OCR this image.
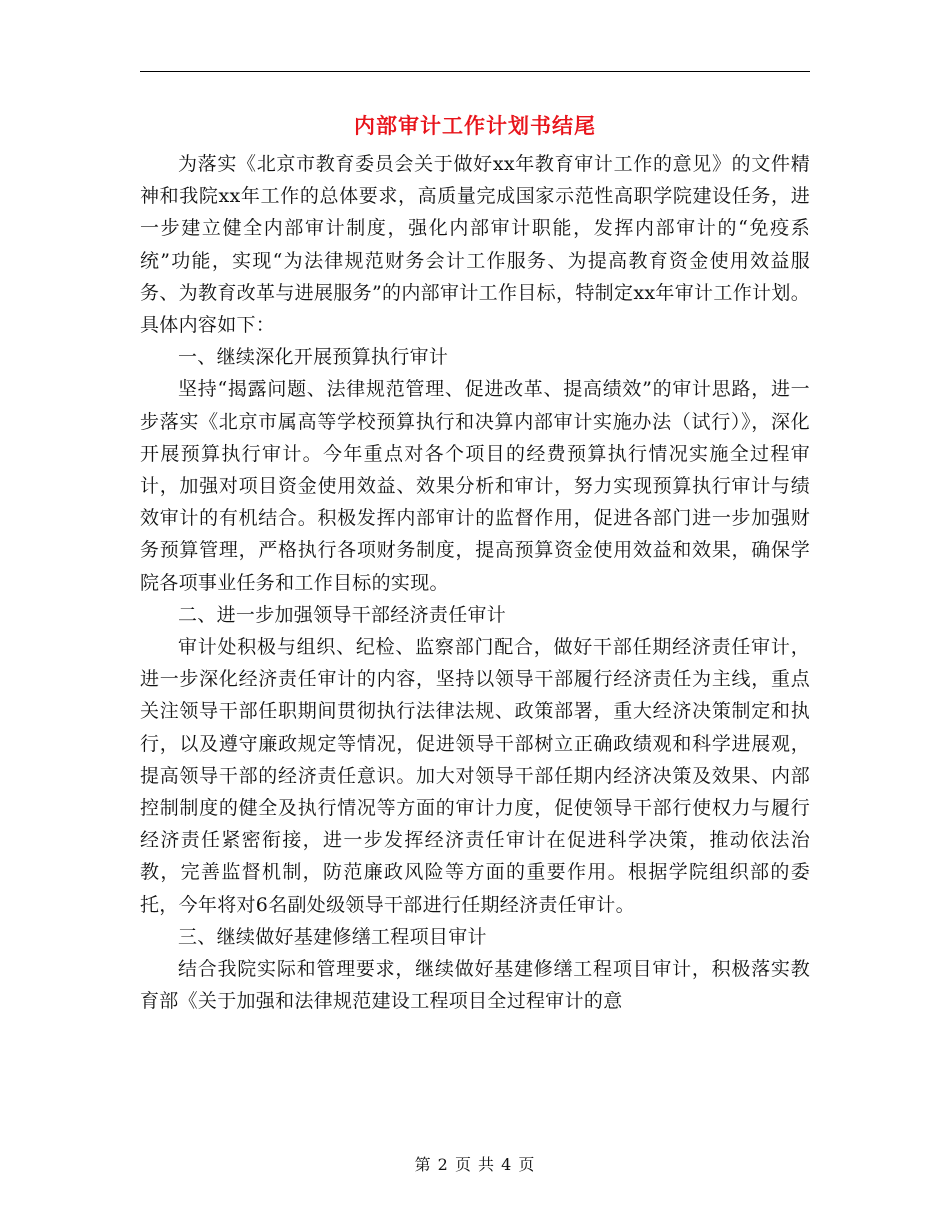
内部审计工作计划书结尾

为落实《北京市教育委员会关于做好xx年教育审计工作的意见》的文件精神和我院xx年工作的总体要求，高质量完成国家示范性高职学院建设任务，进一步建立健全内部审计制度，强化内部审计职能，发挥内部审计的“免疫系统”功能，实现“为法律规范财务会计工作服务、为提高教育资金使用效益服务、为教育改革与进展服务”的内部审计工作目标，特制定xx年审计工作计划。具体内容如下：

一、继续深化开展预算执行审计

坚持“揭露问题、法律规范管理、促进改革、提高绩效”的审计思路，进一步落实《北京市属高等学校预算执行和决算内部审计实施办法（试行）》，深化开展预算执行审计。今年重点对各个项目的经费预算执行情况实施全过程审计，加强对项目资金使用效益、效果分析和审计，努力实现预算执行审计与绩效审计的有机结合。积极发挥内部审计的监督作用，促进各部门进一步加强财务预算管理，严格执行各项财务制度，提高预算资金使用效益和效果，确保学院各项事业任务和工作目标的实现。

二、进一步加强领导干部经济责任审计

审计处积极与组织、纪检、监察部门配合，做好干部任期经济责任审计，进一步深化经济责任审计的内容，坚持以领导干部履行经济责任为主线，重点关注领导干部任职期间贯彻执行法律法规、政策部署，重大经济决策制定和执行，以及遵守廉政规定等情况，促进领导干部树立正确政绩观和科学进展观，提高领导干部的经济责任意识。加大对领导干部任期内经济决策及效果、内部控制制度的健全及执行情况等方面的审计力度，促使领导干部行使权力与履行经济责任紧密衔接，进一步发挥经济责任审计在促进科学决策，推动依法治教，完善监督机制，防范廉政风险等方面的重要作用。根据学院组织部的委托，今年将对6名副处级领导干部进行任期经济责任审计。

三、继续做好基建修缮工程项目审计

结合我院实际和管理要求，继续做好基建修缮工程项目审计，积极落实教育部《关于加强和法律规范建设工程项目全过程审计的意

第 2 页 共 4 页
